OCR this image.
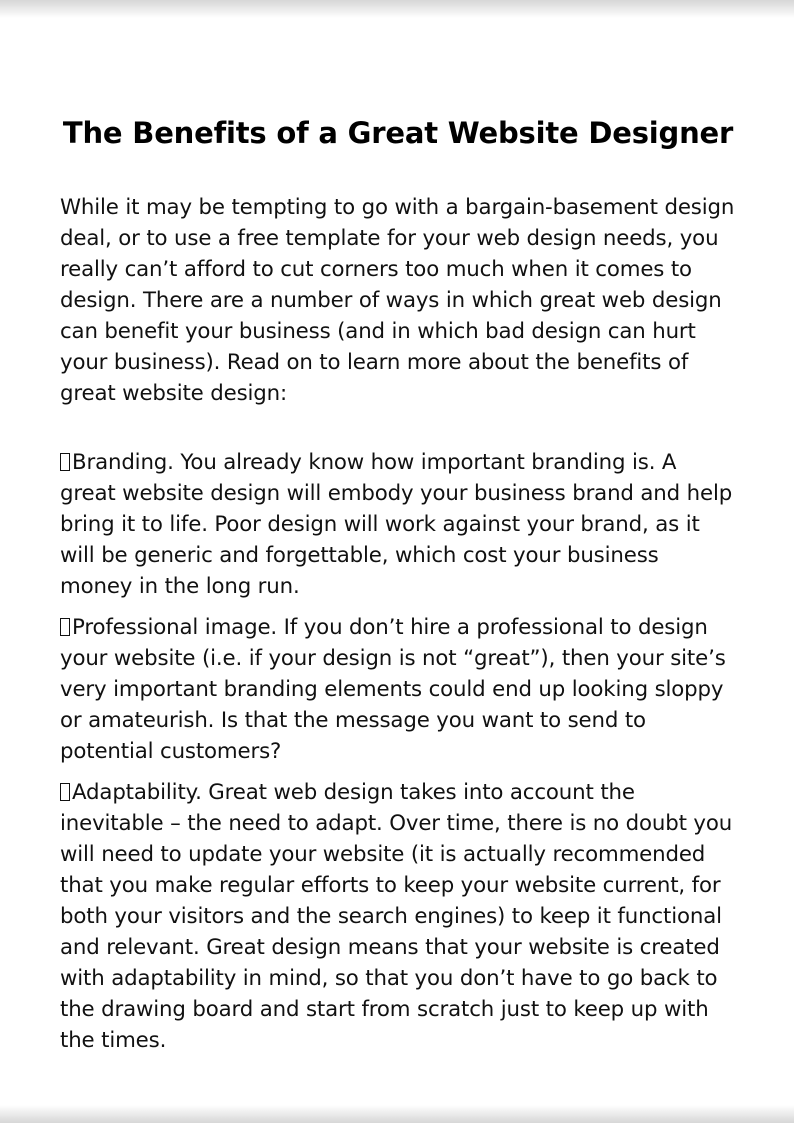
The Benefits of a Great Website Designer

While it may be tempting to go with a bargain-basement design deal, or to use a free template for your web design needs, you really can’t afford to cut corners too much when it comes to design. There are a number of ways in which great web design can benefit your business (and in which bad design can hurt your business). Read on to learn more about the benefits of great website design:

Branding. You already know how important branding is. A great website design will embody your business brand and help bring it to life. Poor design will work against your brand, as it will be generic and forgettable, which cost your business money in the long run.

Professional image. If you don’t hire a professional to design your website (i.e. if your design is not “great”), then your site’s very important branding elements could end up looking sloppy or amateurish. Is that the message you want to send to potential customers?

Adaptability. Great web design takes into account the inevitable – the need to adapt. Over time, there is no doubt you will need to update your website (it is actually recommended that you make regular efforts to keep your website current, for both your visitors and the search engines) to keep it functional and relevant. Great design means that your website is created with adaptability in mind, so that you don’t have to go back to the drawing board and start from scratch just to keep up with the times.
